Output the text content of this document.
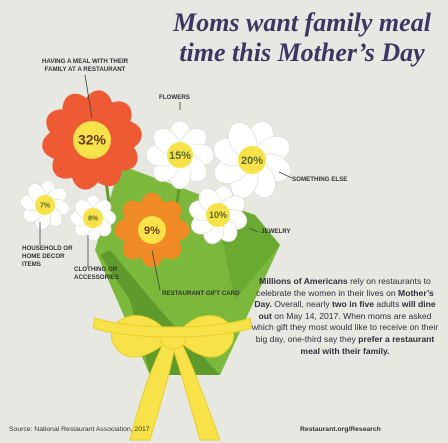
32%
15%	20%
9%
10%
8%
7%
Moms want family meal
time this Mother’s Day
HAVING A MEAL WITH THEIR FAMILY AT A RESTAURANT
FLOWERS
SOMETHING ELSE
RESTAURANT GIFT CARD
JEWELRY
CLOTHING OR ACCESSORIES
HOUSEHOLD OR HOME DECOR ITEMS
Millions of Americans rely on restaurants to celebrate the women in their lives on Mother’s Day. Overall, nearly two in five adults will dine out on May 14, 2017. When moms are asked which gift they most would like to receive on their big day, one-third say they prefer a restaurant meal with their family.
Source: National Restaurant Association, 2017	Restaurant.org/Research
